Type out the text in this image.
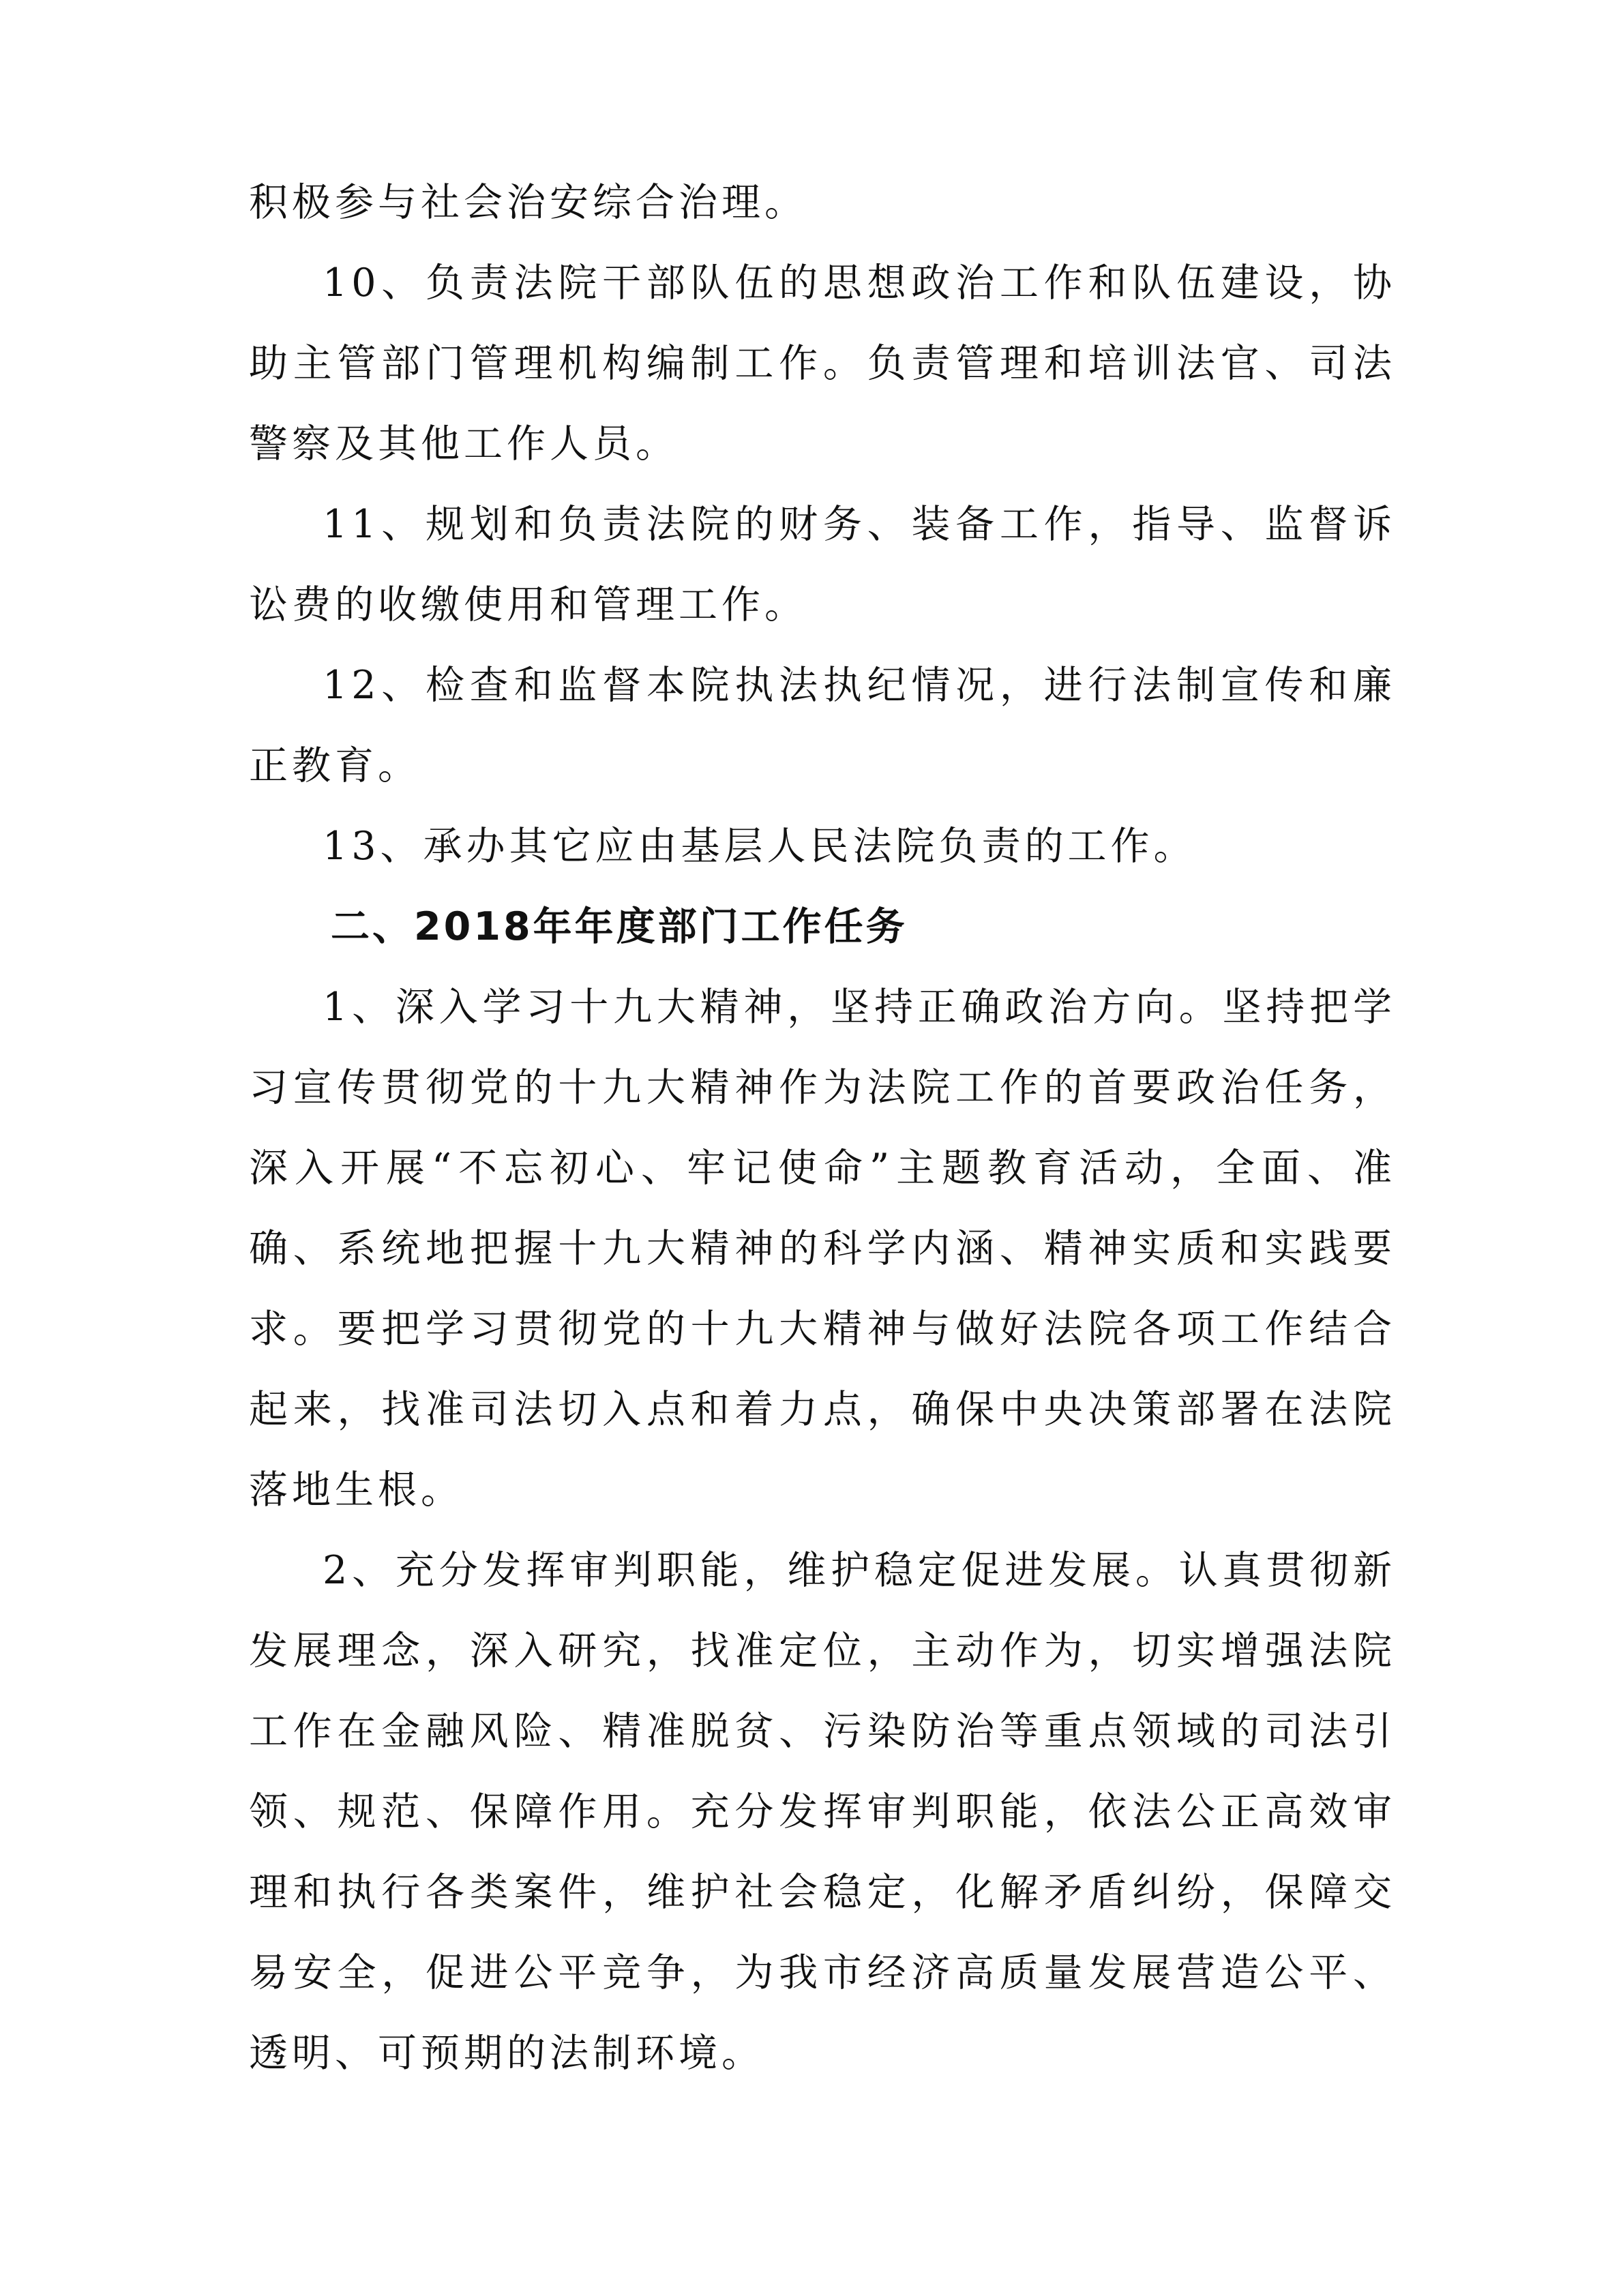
积极参与社会治安综合治理。

10、负责法院干部队伍的思想政治工作和队伍建设，协助主管部门管理机构编制工作。负责管理和培训法官、司法警察及其他工作人员。

11、规划和负责法院的财务、装备工作，指导、监督诉讼费的收缴使用和管理工作。

12、检查和监督本院执法执纪情况，进行法制宣传和廉正教育。

13、承办其它应由基层人民法院负责的工作。

二、2018年年度部门工作任务

1、深入学习十九大精神，坚持正确政治方向。坚持把学习宣传贯彻党的十九大精神作为法院工作的首要政治任务，深入开展“不忘初心、牢记使命”主题教育活动，全面、准确、系统地把握十九大精神的科学内涵、精神实质和实践要求。要把学习贯彻党的十九大精神与做好法院各项工作结合起来，找准司法切入点和着力点，确保中央决策部署在法院落地生根。

2、充分发挥审判职能，维护稳定促进发展。认真贯彻新发展理念，深入研究，找准定位，主动作为，切实增强法院工作在金融风险、精准脱贫、污染防治等重点领域的司法引领、规范、保障作用。充分发挥审判职能，依法公正高效审理和执行各类案件，维护社会稳定，化解矛盾纠纷，保障交易安全，促进公平竞争，为我市经济高质量发展营造公平、透明、可预期的法制环境。
